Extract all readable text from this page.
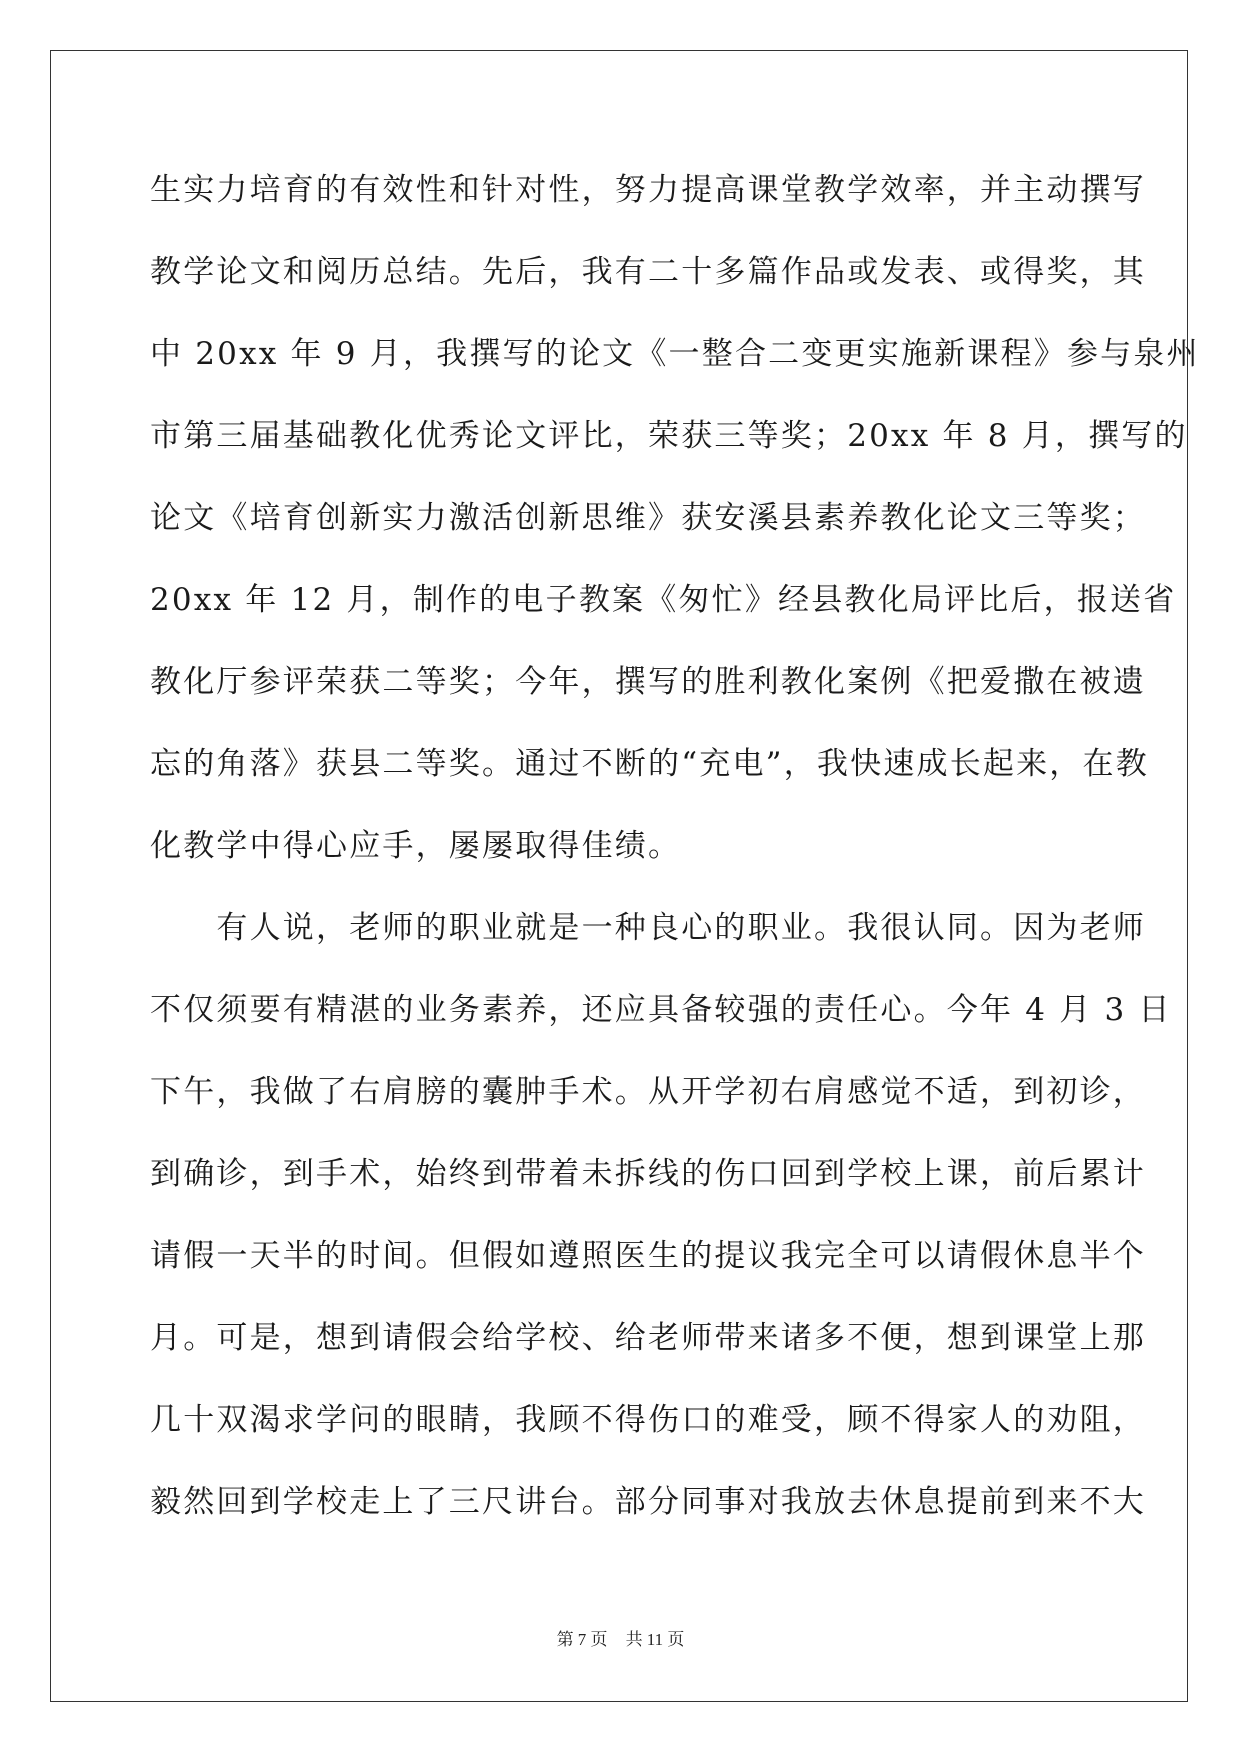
生实力培育的有效性和针对性，努力提高课堂教学效率，并主动撰写
教学论文和阅历总结。先后，我有二十多篇作品或发表、或得奖，其
中 20xx 年 9 月，我撰写的论文《一整合二变更实施新课程》参与泉州
市第三届基础教化优秀论文评比，荣获三等奖；20xx 年 8 月，撰写的
论文《培育创新实力激活创新思维》获安溪县素养教化论文三等奖；
20xx 年 12 月，制作的电子教案《匆忙》经县教化局评比后，报送省
教化厅参评荣获二等奖；今年，撰写的胜利教化案例《把爱撒在被遗
忘的角落》获县二等奖。通过不断的“充电”，我快速成长起来，在教
化教学中得心应手，屡屡取得佳绩。
　　有人说，老师的职业就是一种良心的职业。我很认同。因为老师
不仅须要有精湛的业务素养，还应具备较强的责任心。今年 4 月 3 日
下午，我做了右肩膀的囊肿手术。从开学初右肩感觉不适，到初诊，
到确诊，到手术，始终到带着未拆线的伤口回到学校上课，前后累计
请假一天半的时间。但假如遵照医生的提议我完全可以请假休息半个
月。可是，想到请假会给学校、给老师带来诸多不便，想到课堂上那
几十双渴求学问的眼睛，我顾不得伤口的难受，顾不得家人的劝阻，
毅然回到学校走上了三尺讲台。部分同事对我放去休息提前到来不大
第 7 页 共 11 页
